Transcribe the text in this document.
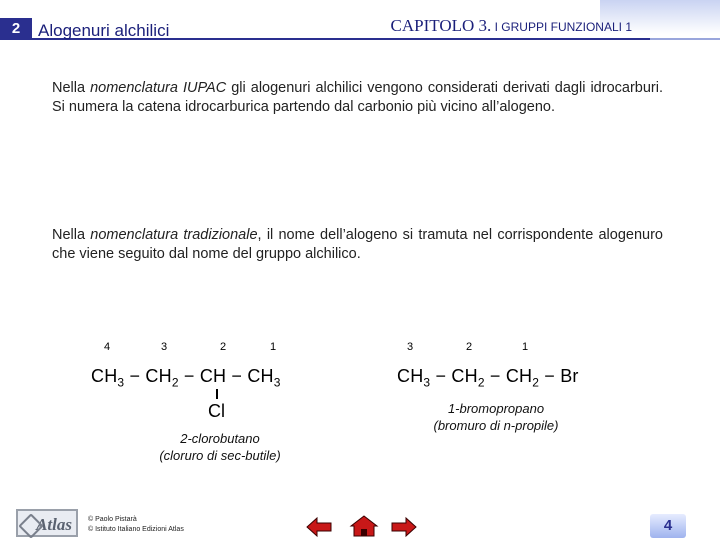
2	Alogenuri alchilici	CAPITOLO 3. I GRUPPI FUNZIONALI 1
Nella nomenclatura IUPAC gli alogenuri alchilici vengono considerati derivati dagli idrocarburi. Si numera la catena idrocarburica partendo dal carbonio più vicino all’alogeno.
Nella nomenclatura tradizionale, il nome dell’alogeno si tramuta nel corrispondente alogenuro che viene seguito dal nome del gruppo alchilico.
4	3	2	1
$CH_3 - CH_2$ − CH − $CH_3$
Cl
2-clorobutano
(cloruro di sec-butile)
3	2	1
$CH_3 - CH_2 - CH_2 - Br$
1-bromopropano
(bromuro di n-propile)
Atlas	© Paolo Pistarà
© Istituto Italiano Edizioni Atlas	4
